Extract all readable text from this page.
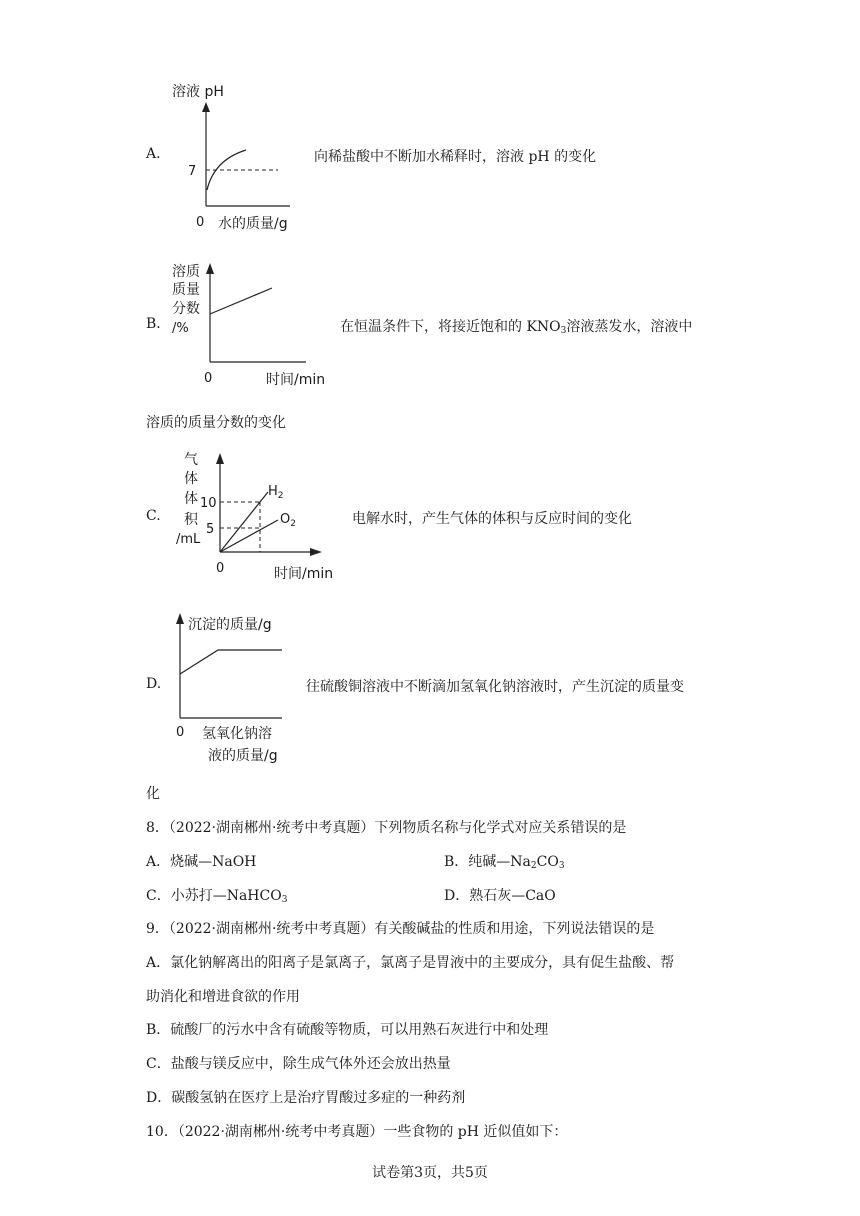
A.
溶液 pH
7
0 水的质量/g
向稀盐酸中不断加水稀释时，溶液 pH 的变化
B.
溶质
质量
分数
/%
0	时间/min
在恒温条件下，将接近饱和的 $KNO_3$溶液蒸发水，溶液中
溶质的质量分数的变化
C.
气
体
体
积
/mL
10
5
0	时间/min
$H_2$
$O_2$	电解水时，产生气体的体积与反应时间的变化
D.
沉淀的质量/g
0 氢氧化钠溶
液的质量/g
往硫酸铜溶液中不断滴加氢氧化钠溶液时，产生沉淀的质量变
化
8．（2022·湖南郴州·统考中考真题）下列物质名称与化学式对应关系错误的是
A．烧碱—NaOH	B．纯碱$—Na_2CO_3$
C．小苏打—NaHCO$_3$	D．熟石灰—CaO
9．（2022·湖南郴州·统考中考真题）有关酸碱盐的性质和用途，下列说法错误的是
A．氯化钠解离出的阳离子是氯离子，氯离子是胃液中的主要成分，具有促生盐酸、帮
助消化和增进食欲的作用
B．硫酸厂的污水中含有硫酸等物质，可以用熟石灰进行中和处理
C．盐酸与镁反应中，除生成气体外还会放出热量
D．碳酸氢钠在医疗上是治疗胃酸过多症的一种药剂
10．（2022·湖南郴州·统考中考真题）一些食物的 pH 近似值如下：
试卷第3页，共5页
